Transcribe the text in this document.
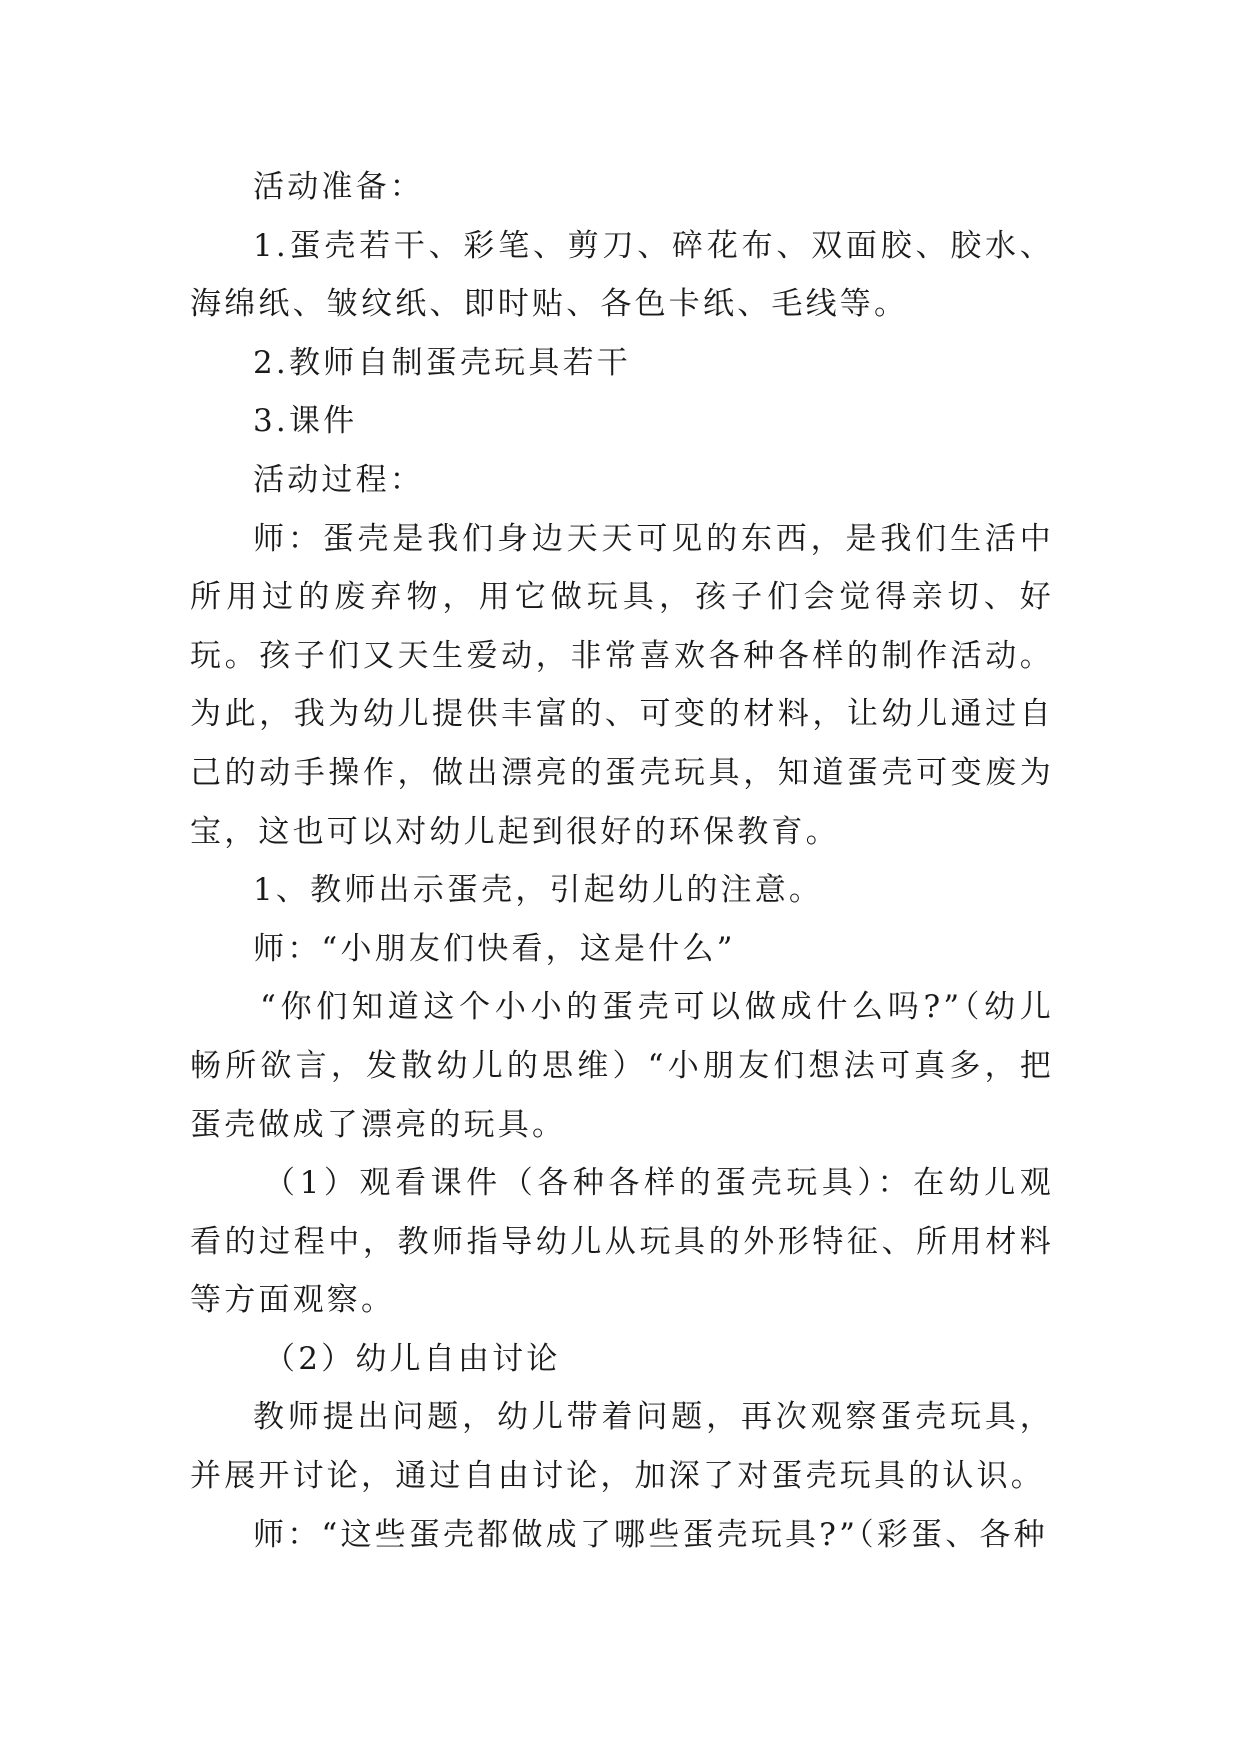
活动准备：

1.蛋壳若干、彩笔、剪刀、碎花布、双面胶、胶水、海绵纸、皱纹纸、即时贴、各色卡纸、毛线等。

2.教师自制蛋壳玩具若干

3.课件

活动过程：

师：蛋壳是我们身边天天可见的东西，是我们生活中所用过的废弃物，用它做玩具，孩子们会觉得亲切、好玩。孩子们又天生爱动，非常喜欢各种各样的制作活动。为此，我为幼儿提供丰富的、可变的材料，让幼儿通过自己的动手操作，做出漂亮的蛋壳玩具，知道蛋壳可变废为宝，这也可以对幼儿起到很好的环保教育。

1、教师出示蛋壳，引起幼儿的注意。

师：“小朋友们快看，这是什么”

“你们知道这个小小的蛋壳可以做成什么吗?”（幼儿畅所欲言，发散幼儿的思维）“小朋友们想法可真多，把蛋壳做成了漂亮的玩具。

（1）观看课件（各种各样的蛋壳玩具）：在幼儿观看的过程中，教师指导幼儿从玩具的外形特征、所用材料等方面观察。

（2）幼儿自由讨论

教师提出问题，幼儿带着问题，再次观察蛋壳玩具，并展开讨论，通过自由讨论，加深了对蛋壳玩具的认识。

师：“这些蛋壳都做成了哪些蛋壳玩具?”（彩蛋、各种
